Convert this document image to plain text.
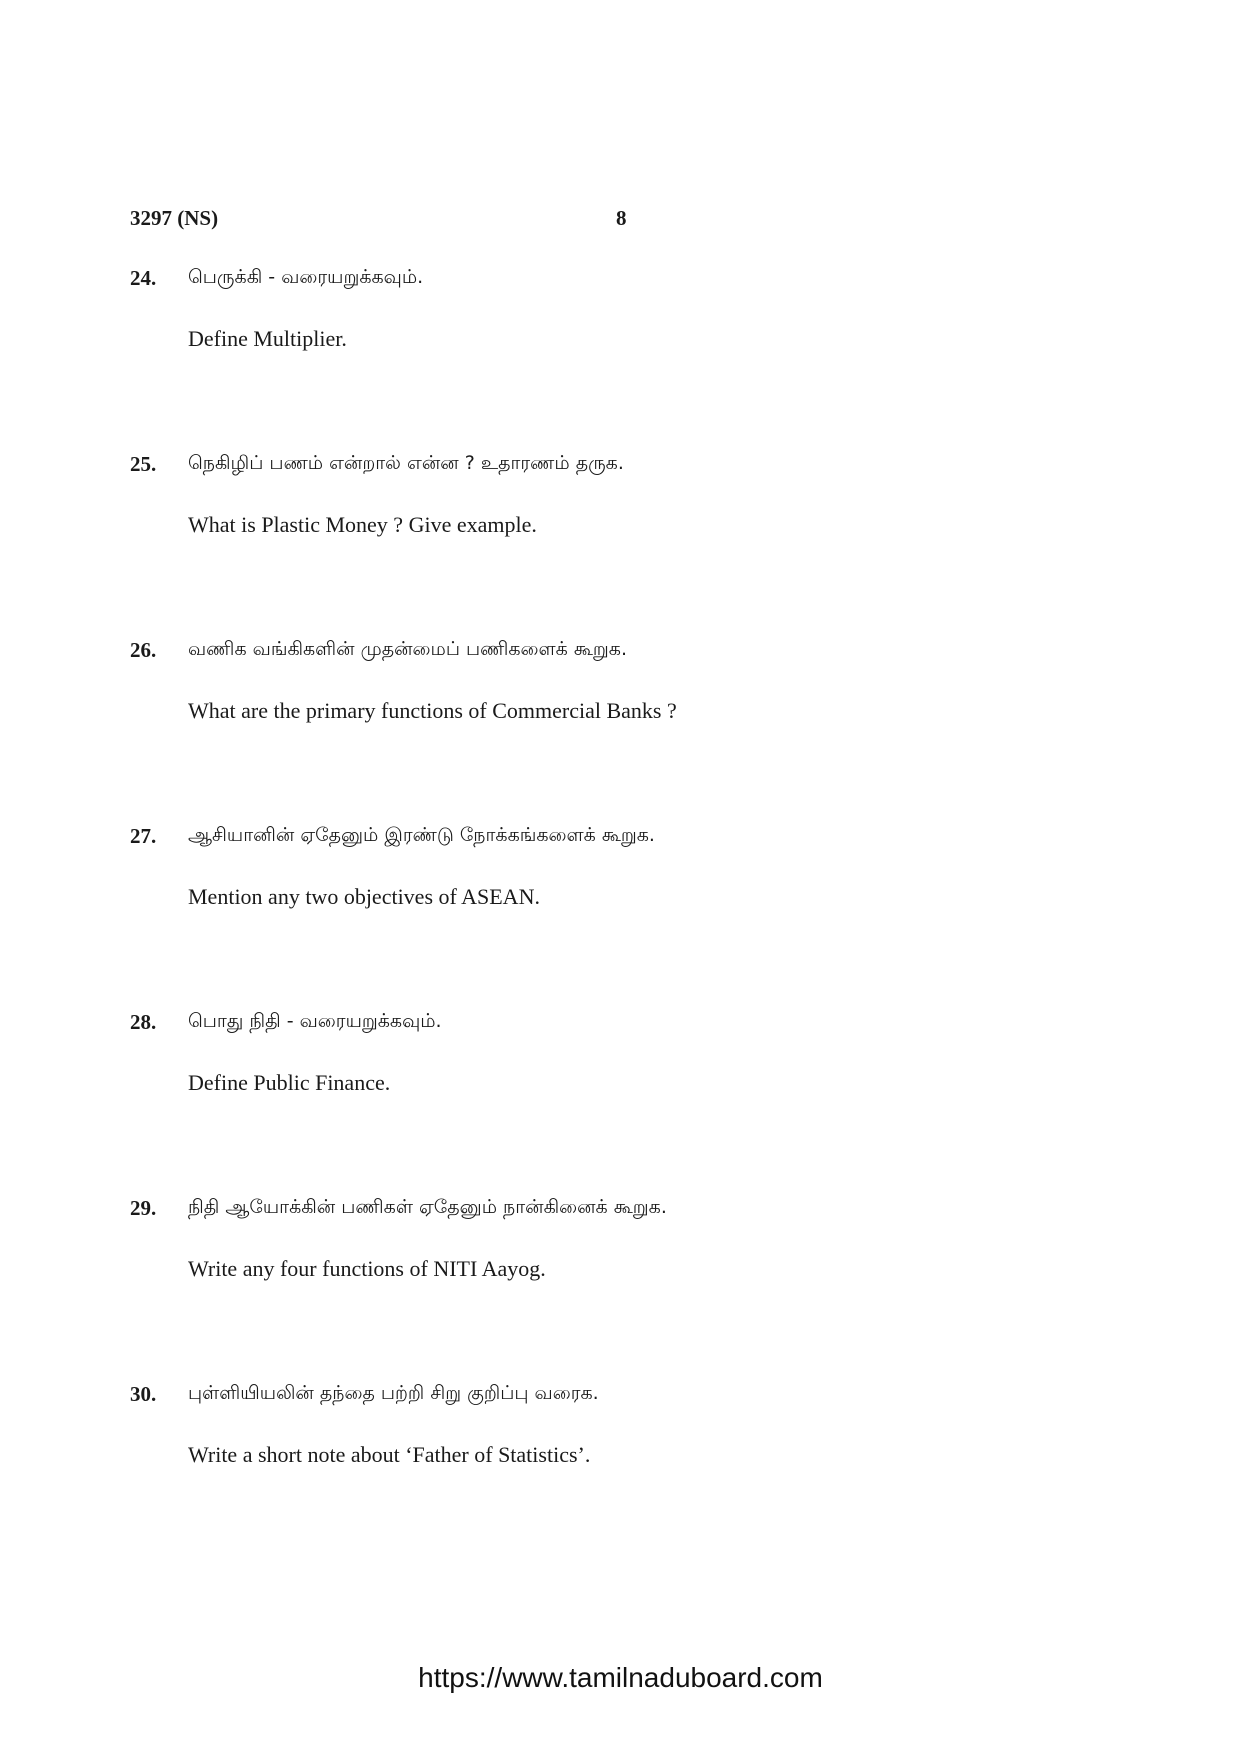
3297 (NS)	8
24. பெருக்கி - வரையறுக்கவும்.
Define Multiplier.
25. நெகிழிப் பணம் என்றால் என்ன ? உதாரணம் தருக.
What is Plastic Money ? Give example.
26. வணிக வங்கிகளின் முதன்மைப் பணிகளைக் கூறுக.
What are the primary functions of Commercial Banks ?
27. ஆசியானின் ஏதேனும் இரண்டு நோக்கங்களைக் கூறுக.
Mention any two objectives of ASEAN.
28. பொது நிதி - வரையறுக்கவும்.
Define Public Finance.
29. நிதி ஆயோக்கின் பணிகள் ஏதேனும் நான்கினைக் கூறுக.
Write any four functions of NITI Aayog.
30. புள்ளியியலின் தந்தை பற்றி சிறு குறிப்பு வரைக.
Write a short note about ‘Father of Statistics’.
https://www.tamilnaduboard.com
